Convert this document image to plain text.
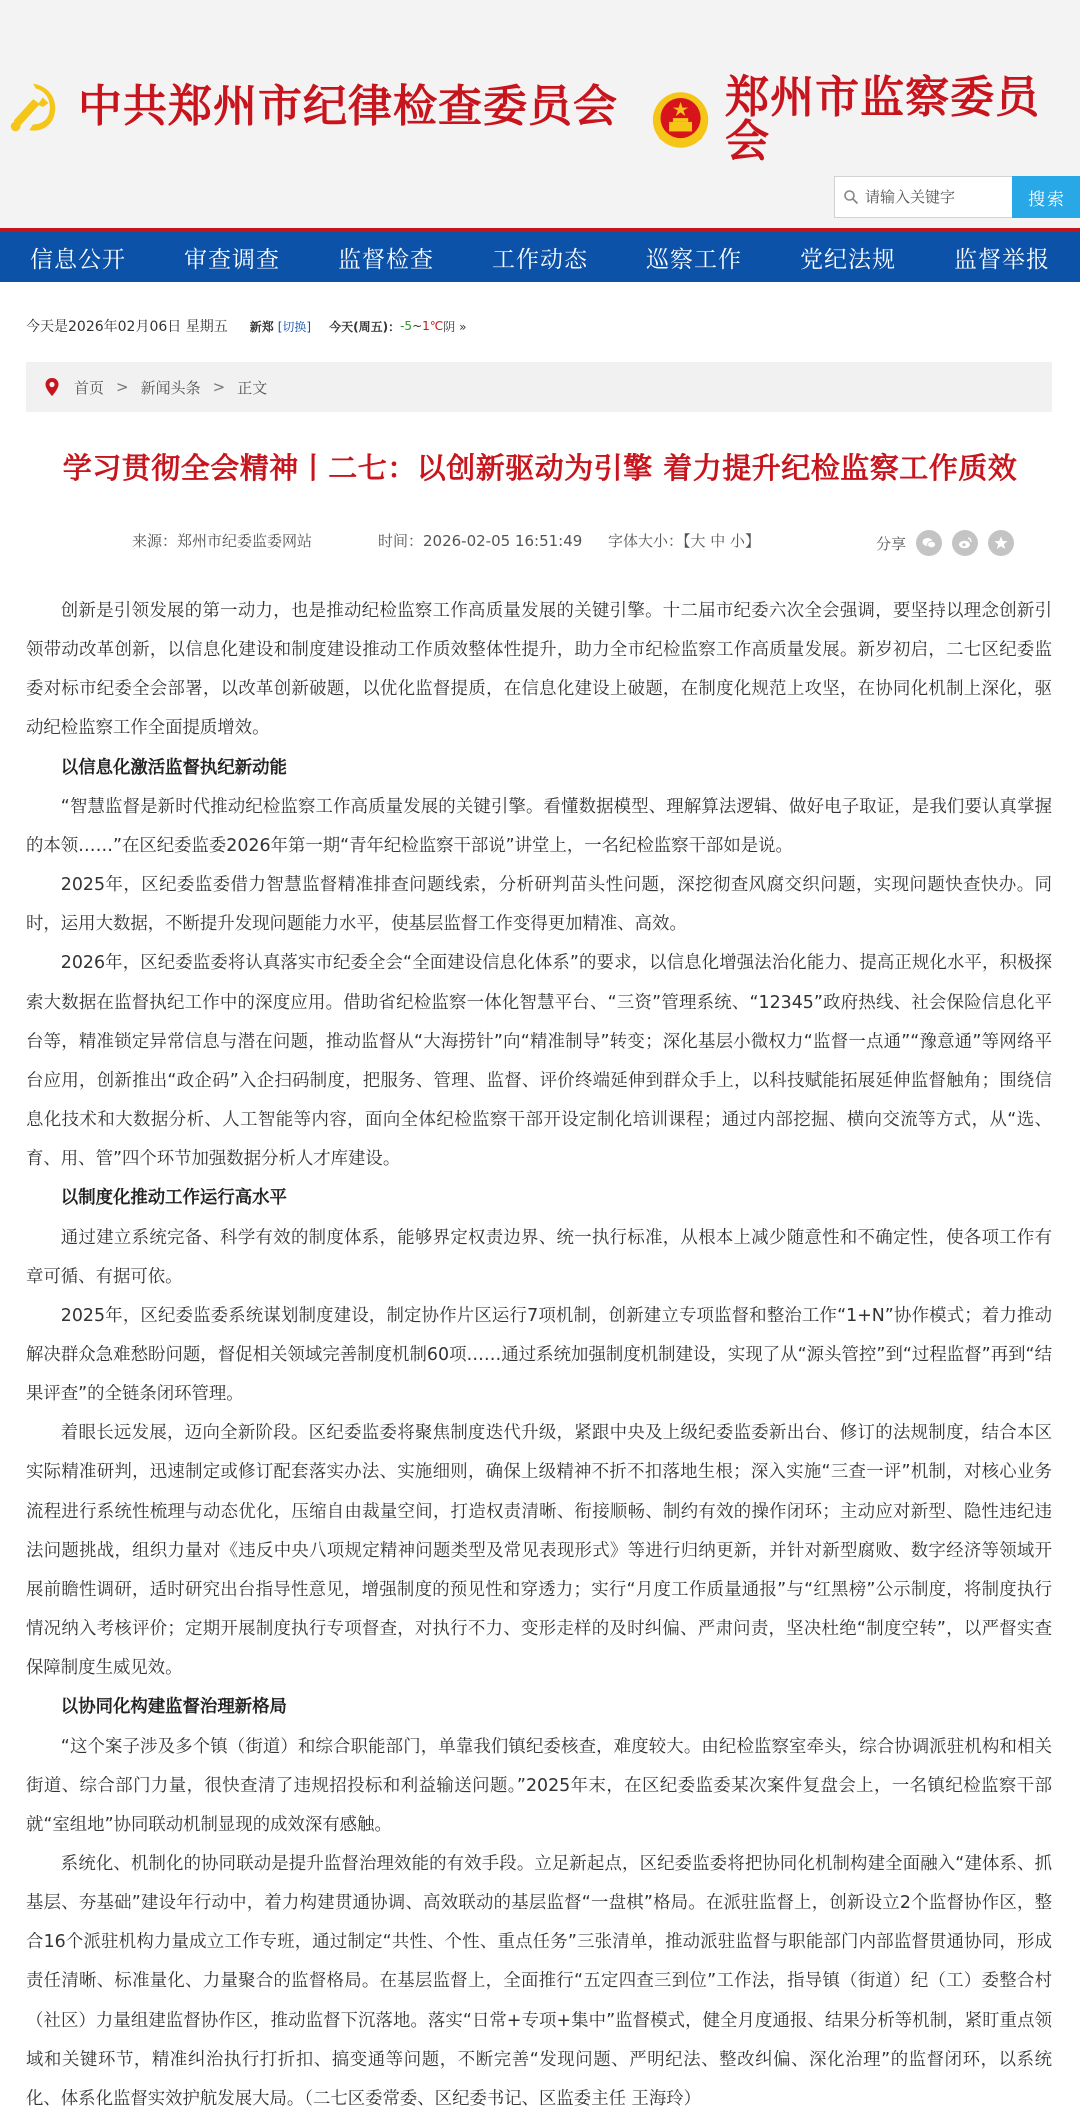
中共郑州市纪律检查委员会 郑州市监察委员会
请输入关键字
搜索
信息公开	审查调查	监督检查	工作动态	巡察工作	党纪法规	监督举报
今天是2026年02月06日 星期五 新郑 [切换] 今天(周五)： -5 ~ 1℃ 阴 »
首页 > 新闻头条 > 正文
学习贯彻全会精神丨二七：以创新驱动为引擎 着力提升纪检监察工作质效
来源：郑州市纪委监委网站	时间：2026-02-05 16:51:49 字体大小：【大 中 小】	分享

创新是引领发展的第一动力，也是推动纪检监察工作高质量发展的关键引擎。十二届市纪委六次全会强调，要坚持以理念创新引领带动改革创新，以信息化建设和制度建设推动工作质效整体性提升，助力全市纪检监察工作高质量发展。新岁初启，二七区纪委监委对标市纪委全会部署，以改革创新破题，以优化监督提质，在信息化建设上破题，在制度化规范上攻坚，在协同化机制上深化，驱动纪检监察工作全面提质增效。

以信息化激活监督执纪新动能

“智慧监督是新时代推动纪检监察工作高质量发展的关键引擎。看懂数据模型、理解算法逻辑、做好电子取证，是我们要认真掌握的本领……”在区纪委监委2026年第一期“青年纪检监察干部说”讲堂上，一名纪检监察干部如是说。

2025年，区纪委监委借力智慧监督精准排查问题线索，分析研判苗头性问题，深挖彻查风腐交织问题，实现问题快查快办。同时，运用大数据，不断提升发现问题能力水平，使基层监督工作变得更加精准、高效。

2026年，区纪委监委将认真落实市纪委全会“全面建设信息化体系”的要求，以信息化增强法治化能力、提高正规化水平，积极探索大数据在监督执纪工作中的深度应用。借助省纪检监察一体化智慧平台、“三资”管理系统、“12345”政府热线、社会保险信息化平台等，精准锁定异常信息与潜在问题，推动监督从“大海捞针”向“精准制导”转变；深化基层小微权力“监督一点通”“豫意通”等网络平台应用，创新推出“政企码”入企扫码制度，把服务、管理、监督、评价终端延伸到群众手上，以科技赋能拓展延伸监督触角；围绕信息化技术和大数据分析、人工智能等内容，面向全体纪检监察干部开设定制化培训课程；通过内部挖掘、横向交流等方式，从“选、育、用、管”四个环节加强数据分析人才库建设。

以制度化推动工作运行高水平

通过建立系统完备、科学有效的制度体系，能够界定权责边界、统一执行标准，从根本上减少随意性和不确定性，使各项工作有章可循、有据可依。

2025年，区纪委监委系统谋划制度建设，制定协作片区运行7项机制，创新建立专项监督和整治工作“1+N”协作模式；着力推动解决群众急难愁盼问题，督促相关领域完善制度机制60项……通过系统加强制度机制建设，实现了从“源头管控”到“过程监督”再到“结果评查”的全链条闭环管理。

着眼长远发展，迈向全新阶段。区纪委监委将聚焦制度迭代升级，紧跟中央及上级纪委监委新出台、修订的法规制度，结合本区实际精准研判，迅速制定或修订配套落实办法、实施细则，确保上级精神不折不扣落地生根；深入实施“三查一评”机制，对核心业务流程进行系统性梳理与动态优化，压缩自由裁量空间，打造权责清晰、衔接顺畅、制约有效的操作闭环；主动应对新型、隐性违纪违法问题挑战，组织力量对《违反中央八项规定精神问题类型及常见表现形式》等进行归纳更新，并针对新型腐败、数字经济等领域开展前瞻性调研，适时研究出台指导性意见，增强制度的预见性和穿透力；实行“月度工作质量通报”与“红黑榜”公示制度，将制度执行情况纳入考核评价；定期开展制度执行专项督查，对执行不力、变形走样的及时纠偏、严肃问责，坚决杜绝“制度空转”，以严督实查保障制度生威见效。

以协同化构建监督治理新格局

“这个案子涉及多个镇（街道）和综合职能部门，单靠我们镇纪委核查，难度较大。由纪检监察室牵头，综合协调派驻机构和相关街道、综合部门力量，很快查清了违规招投标和利益输送问题。”2025年末，在区纪委监委某次案件复盘会上，一名镇纪检监察干部就“室组地”协同联动机制显现的成效深有感触。

系统化、机制化的协同联动是提升监督治理效能的有效手段。立足新起点，区纪委监委将把协同化机制构建全面融入“建体系、抓基层、夯基础”建设年行动中，着力构建贯通协调、高效联动的基层监督“一盘棋”格局。在派驻监督上，创新设立2个监督协作区，整合16个派驻机构力量成立工作专班，通过制定“共性、个性、重点任务”三张清单，推动派驻监督与职能部门内部监督贯通协同，形成责任清晰、标准量化、力量聚合的监督格局。在基层监督上，全面推行“五定四查三到位”工作法，指导镇（街道）纪（工）委整合村（社区）力量组建监督协作区，推动监督下沉落地。落实“日常+专项+集中”监督模式，健全月度通报、结果分析等机制，紧盯重点领域和关键环节，精准纠治执行打折扣、搞变通等问题，不断完善“发现问题、严明纪法、整改纠偏、深化治理”的监督闭环，以系统化、体系化监督实效护航发展大局。（二七区委常委、区纪委书记、区监委主任 王海玲）
